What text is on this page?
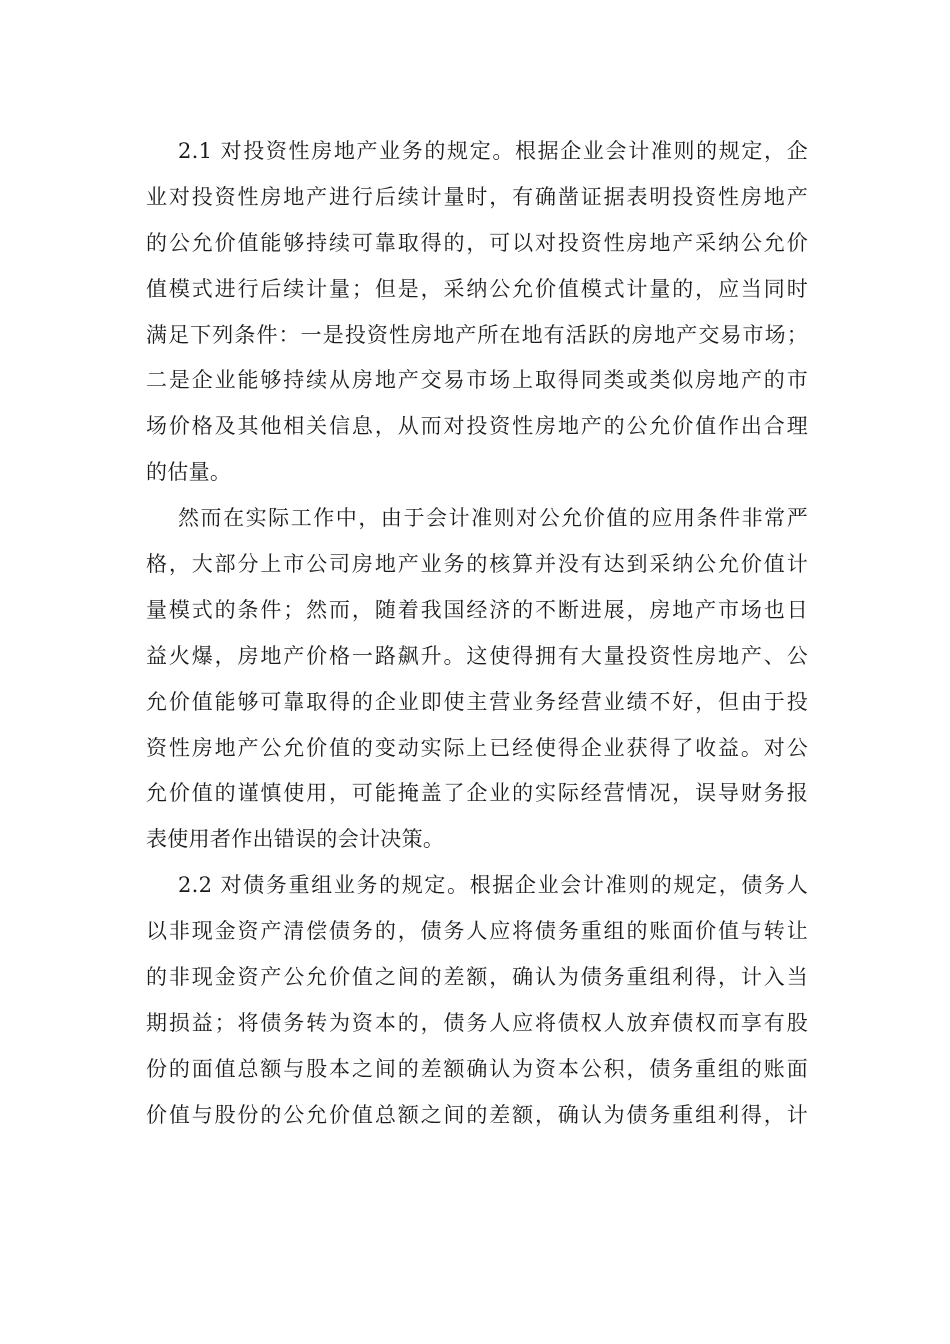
2.1 对投资性房地产业务的规定。根据企业会计准则的规定，企
业对投资性房地产进行后续计量时，有确凿证据表明投资性房地产
的公允价值能够持续可靠取得的，可以对投资性房地产采纳公允价
值模式进行后续计量；但是，采纳公允价值模式计量的，应当同时
满足下列条件：一是投资性房地产所在地有活跃的房地产交易市场；
二是企业能够持续从房地产交易市场上取得同类或类似房地产的市
场价格及其他相关信息，从而对投资性房地产的公允价值作出合理
的估量。
然而在实际工作中，由于会计准则对公允价值的应用条件非常严
格，大部分上市公司房地产业务的核算并没有达到采纳公允价值计
量模式的条件；然而，随着我国经济的不断进展，房地产市场也日
益火爆，房地产价格一路飙升。这使得拥有大量投资性房地产、公
允价值能够可靠取得的企业即使主营业务经营业绩不好，但由于投
资性房地产公允价值的变动实际上已经使得企业获得了收益。对公
允价值的谨慎使用，可能掩盖了企业的实际经营情况，误导财务报
表使用者作出错误的会计决策。
2.2 对债务重组业务的规定。根据企业会计准则的规定，债务人
以非现金资产清偿债务的，债务人应将债务重组的账面价值与转让
的非现金资产公允价值之间的差额，确认为债务重组利得，计入当
期损益；将债务转为资本的，债务人应将债权人放弃债权而享有股
份的面值总额与股本之间的差额确认为资本公积，债务重组的账面
价值与股份的公允价值总额之间的差额，确认为债务重组利得，计
